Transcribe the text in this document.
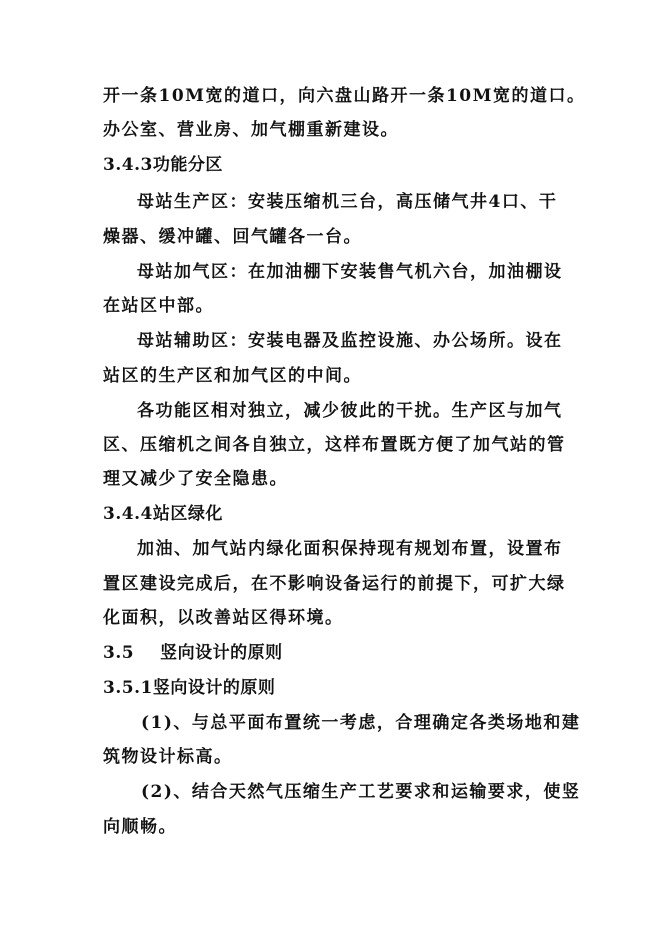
开一条10M宽的道口，向六盘山路开一条10M宽的道口。

办公室、营业房、加气棚重新建设。

3.4.3功能分区

母站生产区：安装压缩机三台，高压储气井4口、干

燥器、缓冲罐、回气罐各一台。

母站加气区：在加油棚下安装售气机六台，加油棚设

在站区中部。

母站辅助区：安装电器及监控设施、办公场所。设在

站区的生产区和加气区的中间。

各功能区相对独立，减少彼此的干扰。生产区与加气

区、压缩机之间各自独立，这样布置既方便了加气站的管

理又减少了安全隐患。

3.4.4站区绿化

加油、加气站内绿化面积保持现有规划布置，设置布

置区建设完成后，在不影响设备运行的前提下，可扩大绿

化面积，以改善站区得环境。

3.5 竖向设计的原则

3.5.1竖向设计的原则

(1)、与总平面布置统一考虑，合理确定各类场地和建

筑物设计标高。

(2)、结合天然气压缩生产工艺要求和运输要求，使竖

向顺畅。
